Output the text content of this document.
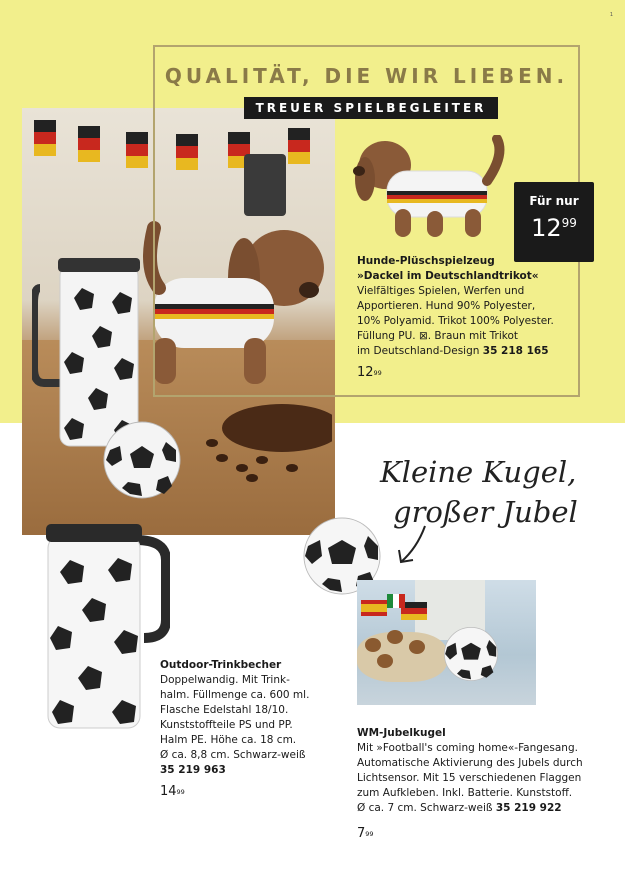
1
QUALITÄT, DIE WIR LIEBEN.
TREUER SPIELBEGLEITER
Für nur
$12^{99}$
Hunde-Plüschspielzeug
»Dackel im Deutschlandtrikot«
Vielfältiges Spielen, Werfen und
Apportieren. Hund 90% Polyester,
10% Polyamid. Trikot 100% Polyester.
Füllung PU. ⊠. Braun mit Trikot
im Deutschland-Design 35 218 165
$12^{99}$
Kleine Kugel,
großer Jubel
Outdoor-Trinkbecher
Doppelwandig. Mit Trink-
halm. Füllmenge ca. 600 ml.
Flasche Edelstahl 18/10.
Kunststoffteile PS und PP.
Halm PE. Höhe ca. 18 cm.
Ø ca. 8,8 cm. Schwarz-weiß
35 219 963
$14^{99}$
WM-Jubelkugel
Mit »Football's coming home«-Fangesang.
Automatische Aktivierung des Jubels durch
Lichtsensor. Mit 15 verschiedenen Flaggen
zum Aufkleben. Inkl. Batterie. Kunststoff.
Ø ca. 7 cm. Schwarz-weiß 35 219 922
$7^{99}$
